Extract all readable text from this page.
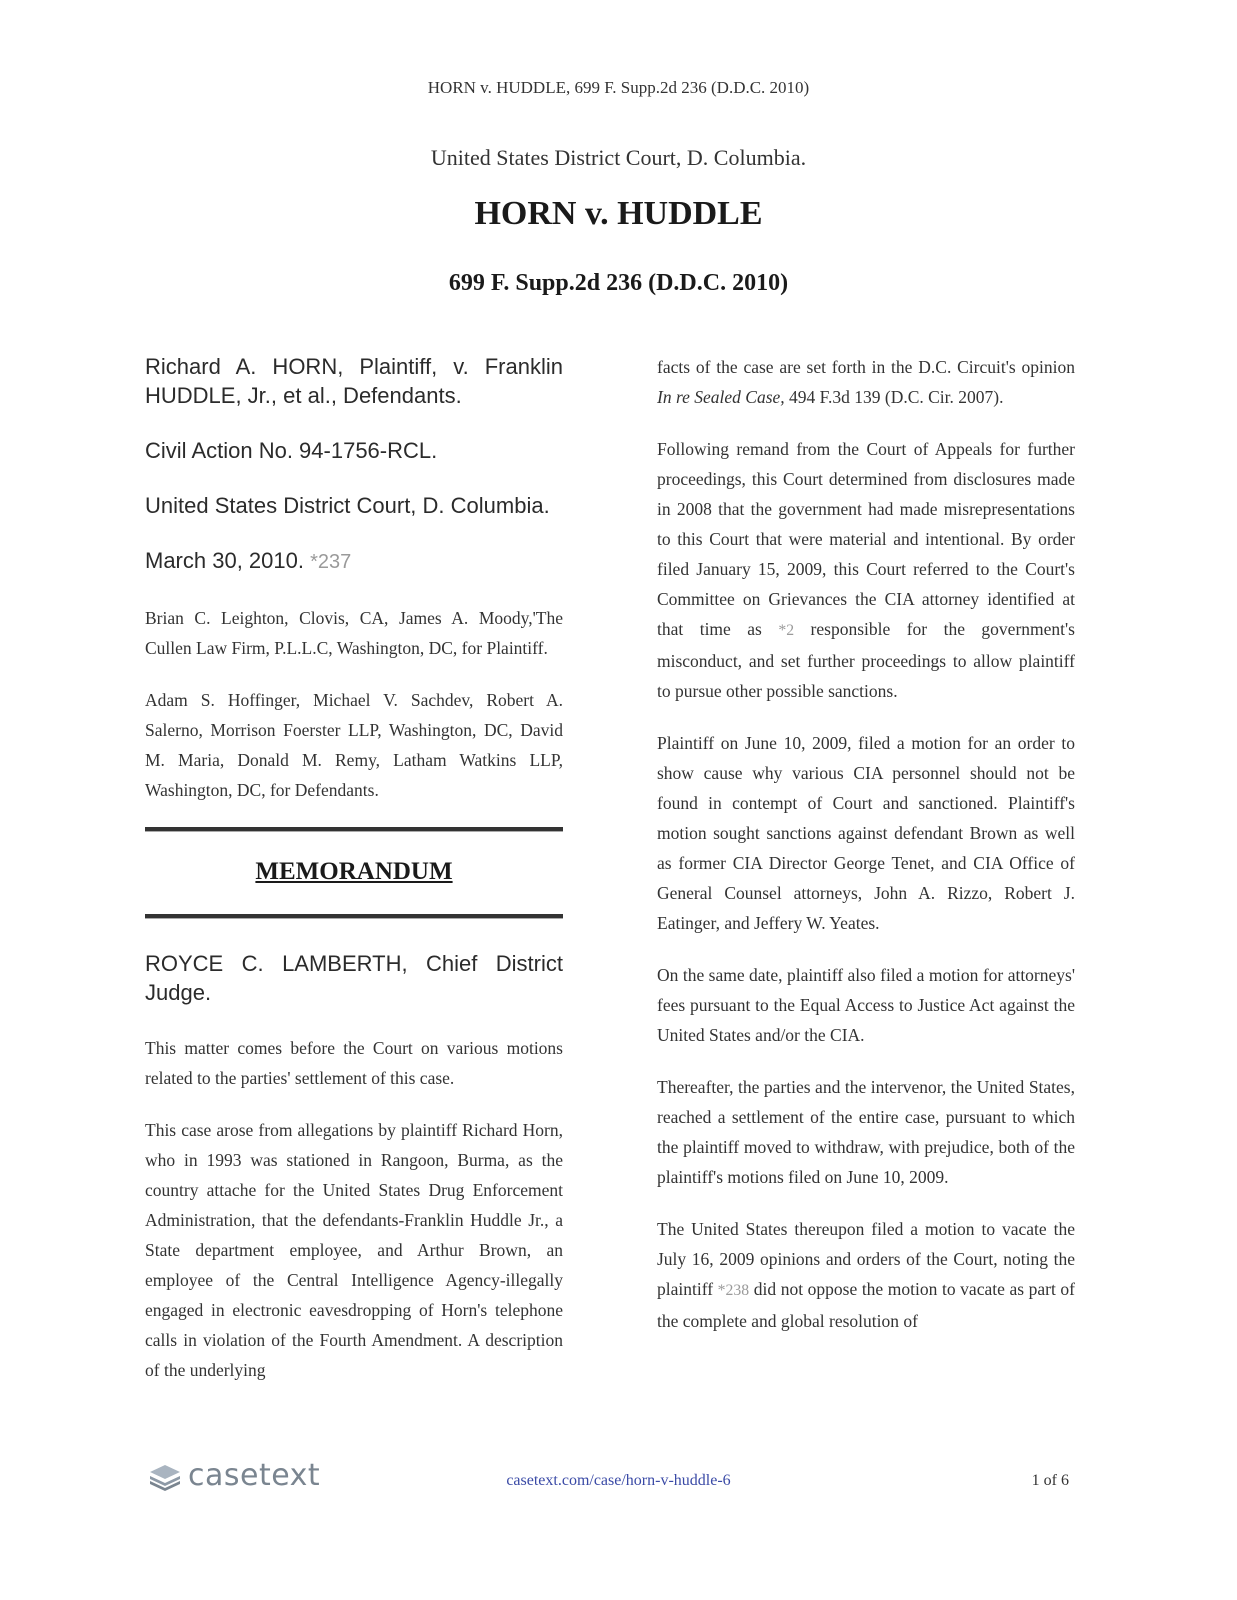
HORN v. HUDDLE, 699 F. Supp.2d 236 (D.D.C. 2010)
United States District Court, D. Columbia.
HORN v. HUDDLE
699 F. Supp.2d 236 (D.D.C. 2010)

Richard A. HORN, Plaintiff, v. Franklin HUDDLE, Jr., et al., Defendants.

Civil Action No. 94-1756-RCL.

United States District Court, D. Columbia.

March 30, 2010. *237

Brian C. Leighton, Clovis, CA, James A. Moody,'The Cullen Law Firm, P.L.L.C, Washington, DC, for Plaintiff.

Adam S. Hoffinger, Michael V. Sachdev, Robert A. Salerno, Morrison Foerster LLP, Washington, DC, David M. Maria, Donald M. Remy, Latham Watkins LLP, Washington, DC, for Defendants.

MEMORANDUM

ROYCE C. LAMBERTH, Chief District Judge.

This matter comes before the Court on various motions related to the parties' settlement of this case.

This case arose from allegations by plaintiff Richard Horn, who in 1993 was stationed in Rangoon, Burma, as the country attache for the United States Drug Enforcement Administration, that the defendants-Franklin Huddle Jr., a State department employee, and Arthur Brown, an employee of the Central Intelligence Agency-illegally engaged in electronic eavesdropping of Horn's telephone calls in violation of the Fourth Amendment. A description of the underlying

facts of the case are set forth in the D.C. Circuit's opinion In re Sealed Case, 494 F.3d 139 (D.C. Cir. 2007).

Following remand from the Court of Appeals for further proceedings, this Court determined from disclosures made in 2008 that the government had made misrepresentations to this Court that were material and intentional. By order filed January 15, 2009, this Court referred to the Court's Committee on Grievances the CIA attorney identified at that time as *2 responsible for the government's misconduct, and set further proceedings to allow plaintiff to pursue other possible sanctions.

Plaintiff on June 10, 2009, filed a motion for an order to show cause why various CIA personnel should not be found in contempt of Court and sanctioned. Plaintiff's motion sought sanctions against defendant Brown as well as former CIA Director George Tenet, and CIA Office of General Counsel attorneys, John A. Rizzo, Robert J. Eatinger, and Jeffery W. Yeates.

On the same date, plaintiff also filed a motion for attorneys' fees pursuant to the Equal Access to Justice Act against the United States and/or the CIA.

Thereafter, the parties and the intervenor, the United States, reached a settlement of the entire case, pursuant to which the plaintiff moved to withdraw, with prejudice, both of the plaintiff's motions filed on June 10, 2009.

The United States thereupon filed a motion to vacate the July 16, 2009 opinions and orders of the Court, noting the plaintiff *238 did not oppose the motion to vacate as part of the complete and global resolution of

casetext	casetext.com/case/horn-v-huddle-6	1 of 6
